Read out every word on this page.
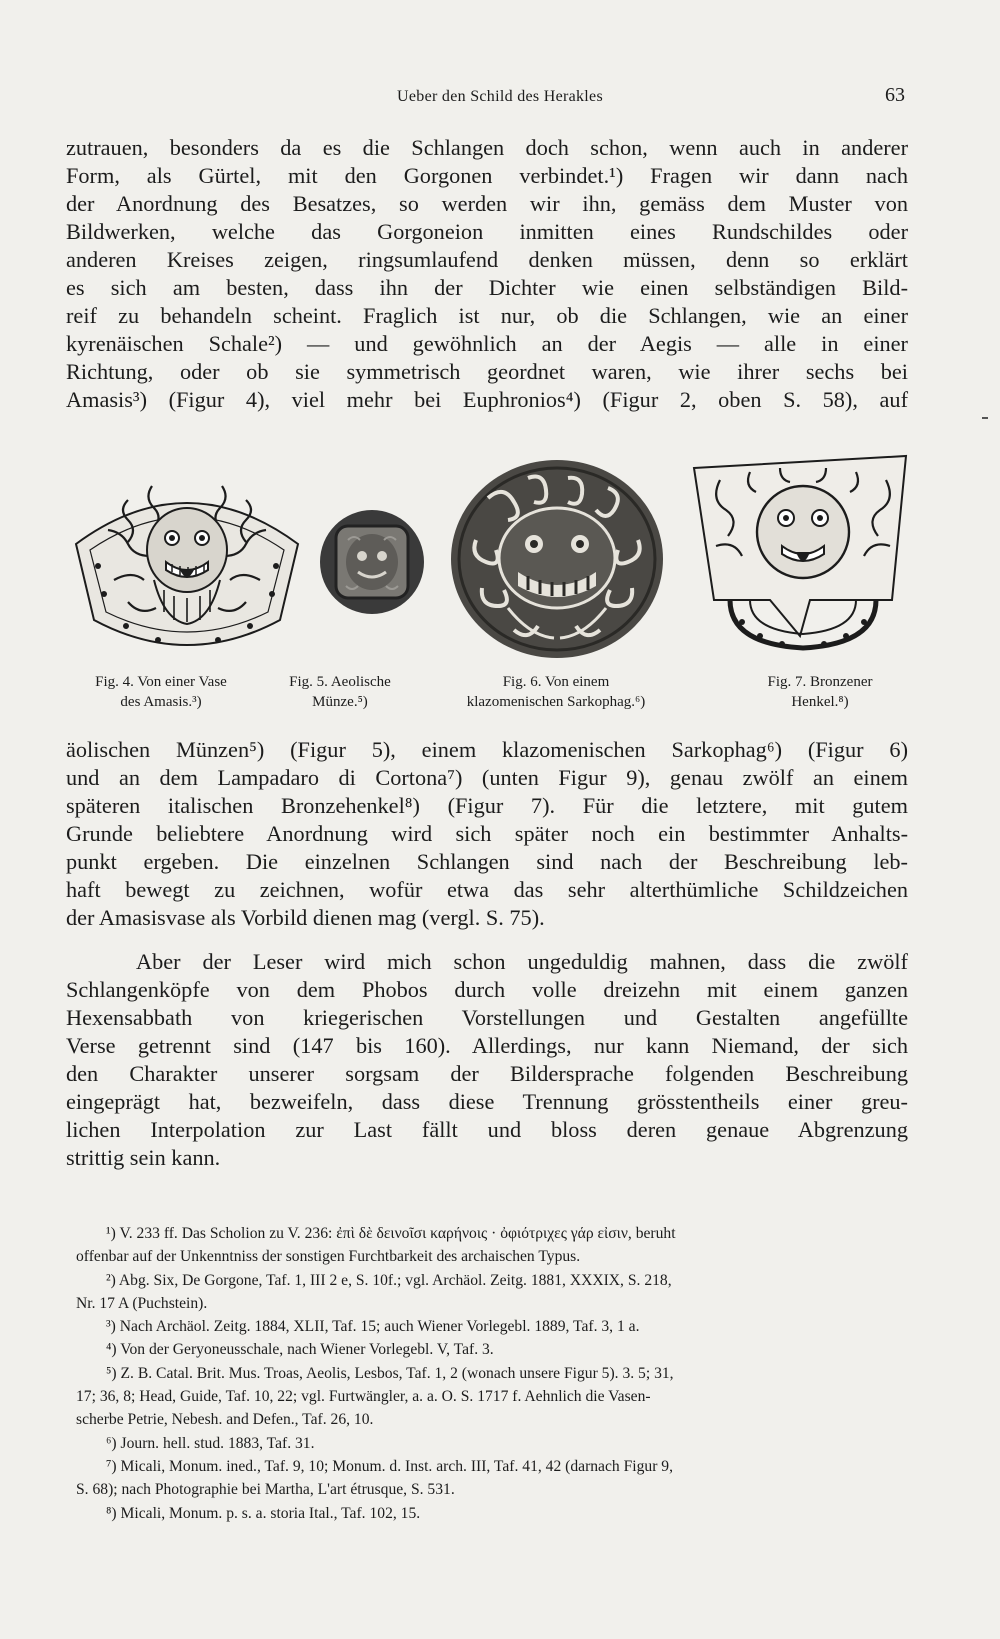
Ueber den Schild des Herakles	63
zutrauen, besonders da es die Schlangen doch schon, wenn auch in anderer
Form, als Gürtel, mit den Gorgonen verbindet.¹) Fragen wir dann nach
der Anordnung des Besatzes, so werden wir ihn, gemäss dem Muster von
Bildwerken, welche das Gorgoneion inmitten eines Rundschildes oder
anderen Kreises zeigen, ringsumlaufend denken müssen, denn so erklärt
es sich am besten, dass ihn der Dichter wie einen selbständigen Bild-
reif zu behandeln scheint. Fraglich ist nur, ob die Schlangen, wie an einer
kyrenäischen Schale²) — und gewöhnlich an der Aegis — alle in einer
Richtung, oder ob sie symmetrisch geordnet waren, wie ihrer sechs bei
Amasis³) (Figur 4), viel mehr bei Euphronios⁴) (Figur 2, oben S. 58), auf
Fig. 4. Von einer Vase
des Amasis.³)
Fig. 5. Aeolische
Münze.⁵)
Fig. 6. Von einem
klazomenischen Sarkophag.⁶)
Fig. 7. Bronzener
Henkel.⁸)
äolischen Münzen⁵) (Figur 5), einem klazomenischen Sarkophag⁶) (Figur 6)
und an dem Lampadaro di Cortona⁷) (unten Figur 9), genau zwölf an einem
späteren italischen Bronzehenkel⁸) (Figur 7). Für die letztere, mit gutem
Grunde beliebtere Anordnung wird sich später noch ein bestimmter Anhalts-
punkt ergeben. Die einzelnen Schlangen sind nach der Beschreibung leb-
haft bewegt zu zeichnen, wofür etwa das sehr alterthümliche Schildzeichen
der Amasisvase als Vorbild dienen mag (vergl. S. 75).
Aber der Leser wird mich schon ungeduldig mahnen, dass die zwölf
Schlangenköpfe von dem Phobos durch volle dreizehn mit einem ganzen
Hexensabbath von kriegerischen Vorstellungen und Gestalten angefüllte
Verse getrennt sind (147 bis 160). Allerdings, nur kann Niemand, der sich
den Charakter unserer sorgsam der Bildersprache folgenden Beschreibung
eingeprägt hat, bezweifeln, dass diese Trennung grösstentheils einer greu-
lichen Interpolation zur Last fällt und bloss deren genaue Abgrenzung
strittig sein kann.
¹) V. 233 ff. Das Scholion zu V. 236: ἐπὶ δὲ δεινοῖσι καρήνοις · ὀφιότριχες γάρ εἰσιν, beruht
offenbar auf der Unkenntniss der sonstigen Furchtbarkeit des archaischen Typus.
²) Abg. Six, De Gorgone, Taf. 1, III 2 e, S. 10f.; vgl. Archäol. Zeitg. 1881, XXXIX, S. 218,
Nr. 17 A (Puchstein).
³) Nach Archäol. Zeitg. 1884, XLII, Taf. 15; auch Wiener Vorlegebl. 1889, Taf. 3, 1 a.
⁴) Von der Geryoneusschale, nach Wiener Vorlegebl. V, Taf. 3.
⁵) Z. B. Catal. Brit. Mus. Troas, Aeolis, Lesbos, Taf. 1, 2 (wonach unsere Figur 5). 3. 5; 31,
17; 36, 8; Head, Guide, Taf. 10, 22; vgl. Furtwängler, a. a. O. S. 1717 f. Aehnlich die Vasen-
scherbe Petrie, Nebesh. and Defen., Taf. 26, 10.
⁶) Journ. hell. stud. 1883, Taf. 31.
⁷) Micali, Monum. ined., Taf. 9, 10; Monum. d. Inst. arch. III, Taf. 41, 42 (darnach Figur 9,
S. 68); nach Photographie bei Martha, L'art étrusque, S. 531.
⁸) Micali, Monum. p. s. a. storia Ital., Taf. 102, 15.
